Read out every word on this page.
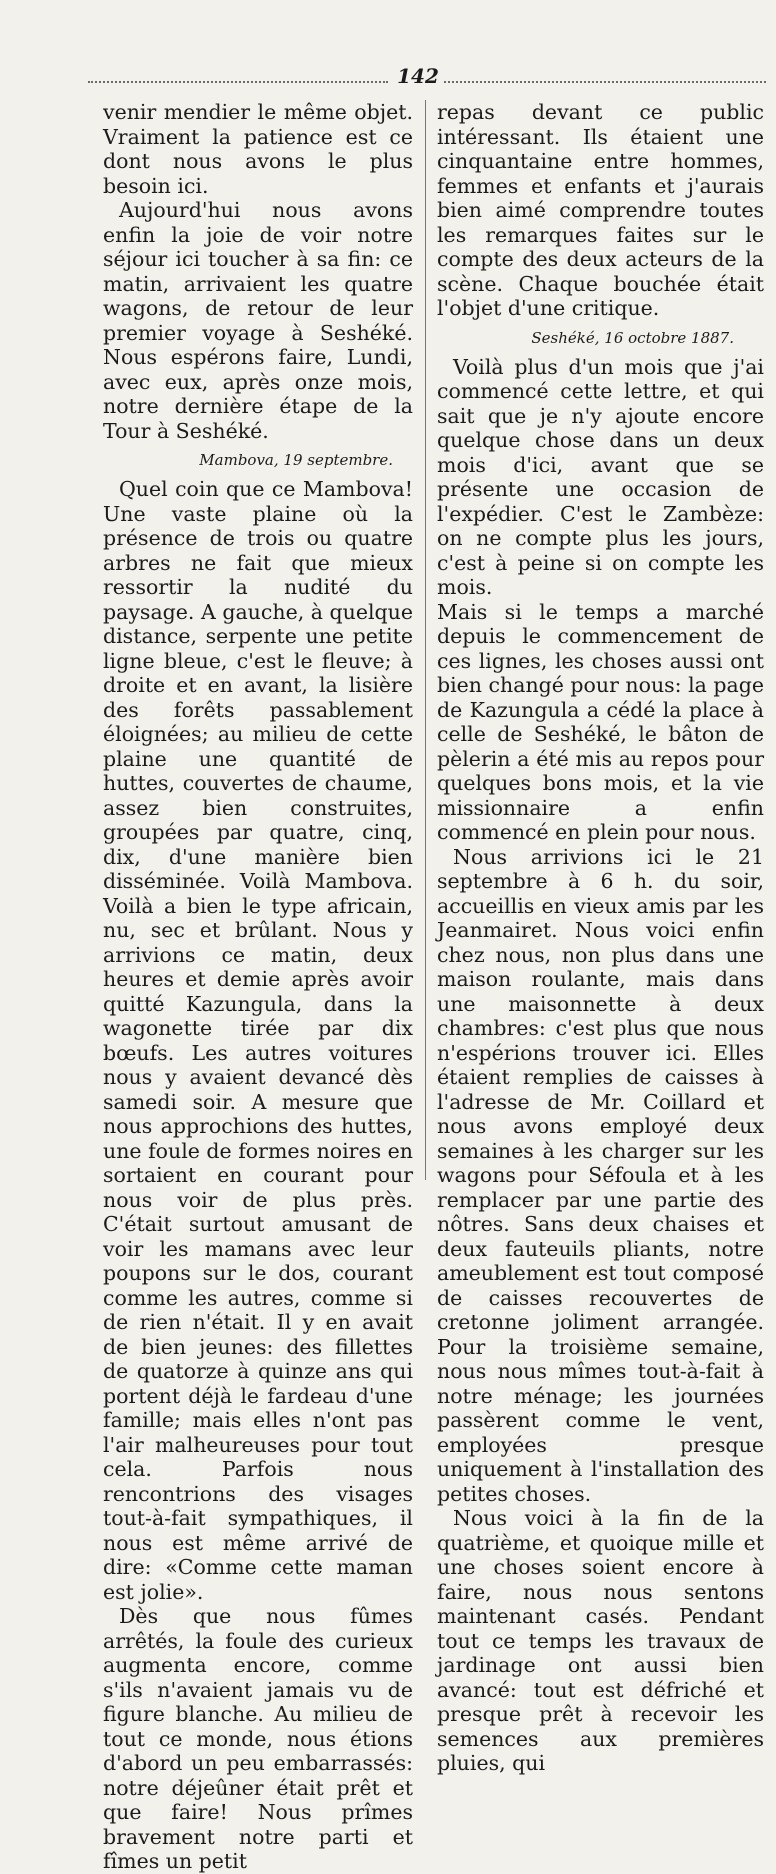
142

venir mendier le même objet. Vraiment la patience est ce dont nous avons le plus besoin ici.

Aujourd'hui nous avons enfin la joie de voir notre séjour ici toucher à sa fin: ce matin, arrivaient les quatre wagons, de retour de leur premier voyage à Seshéké. Nous espérons faire, Lundi, avec eux, après onze mois, notre dernière étape de la Tour à Seshéké.

Mambova, 19 septembre.

Quel coin que ce Mambova! Une vaste plaine où la présence de trois ou quatre arbres ne fait que mieux ressortir la nudité du paysage. A gauche, à quelque distance, serpente une petite ligne bleue, c'est le fleuve; à droite et en avant, la lisière des forêts passablement éloignées; au milieu de cette plaine une quantité de huttes, couvertes de chaume, assez bien construites, groupées par quatre, cinq, dix, d'une manière bien disséminée. Voilà Mambova. Voilà a bien le type africain, nu, sec et brûlant. Nous y arrivions ce matin, deux heures et demie après avoir quitté Kazungula, dans la wagonette tirée par dix bœufs. Les autres voitures nous y avaient devancé dès samedi soir. A mesure que nous approchions des huttes, une foule de formes noires en sortaient en courant pour nous voir de plus près. C'était surtout amusant de voir les mamans avec leur poupons sur le dos, courant comme les autres, comme si de rien n'était. Il y en avait de bien jeunes: des fillettes de quatorze à quinze ans qui portent déjà le fardeau d'une famille; mais elles n'ont pas l'air malheureuses pour tout cela. Parfois nous rencontrions des visages tout-à-fait sympathiques, il nous est même arrivé de dire: «Comme cette maman est jolie».

Dès que nous fûmes arrêtés, la foule des curieux augmenta encore, comme s'ils n'avaient jamais vu de figure blanche. Au milieu de tout ce monde, nous étions d'abord un peu embarrassés: notre déjeûner était prêt et que faire! Nous prîmes bravement notre parti et fîmes un petit

repas devant ce public intéressant. Ils étaient une cinquantaine entre hommes, femmes et enfants et j'aurais bien aimé comprendre toutes les remarques faites sur le compte des deux acteurs de la scène. Chaque bouchée était l'objet d'une critique.

Seshéké, 16 octobre 1887.

Voilà plus d'un mois que j'ai commencé cette lettre, et qui sait que je n'y ajoute encore quelque chose dans un deux mois d'ici, avant que se présente une occasion de l'expédier. C'est le Zambèze: on ne compte plus les jours, c'est à peine si on compte les mois.

Mais si le temps a marché depuis le commencement de ces lignes, les choses aussi ont bien changé pour nous: la page de Kazungula a cédé la place à celle de Seshéké, le bâton de pèlerin a été mis au repos pour quelques bons mois, et la vie missionnaire a enfin commencé en plein pour nous.

Nous arrivions ici le 21 septembre à 6 h. du soir, accueillis en vieux amis par les Jeanmairet. Nous voici enfin chez nous, non plus dans une maison roulante, mais dans une maisonnette à deux chambres: c'est plus que nous n'espérions trouver ici. Elles étaient remplies de caisses à l'adresse de Mr. Coillard et nous avons employé deux semaines à les charger sur les wagons pour Séfoula et à les remplacer par une partie des nôtres. Sans deux chaises et deux fauteuils pliants, notre ameublement est tout composé de caisses recouvertes de cretonne joliment arrangée. Pour la troisième semaine, nous nous mîmes tout-à-fait à notre ménage; les journées passèrent comme le vent, employées presque uniquement à l'installation des petites choses.

Nous voici à la fin de la quatrième, et quoique mille et une choses soient encore à faire, nous nous sentons maintenant casés. Pendant tout ce temps les travaux de jardinage ont aussi bien avancé: tout est défriché et presque prêt à recevoir les semences aux premières pluies, qui
